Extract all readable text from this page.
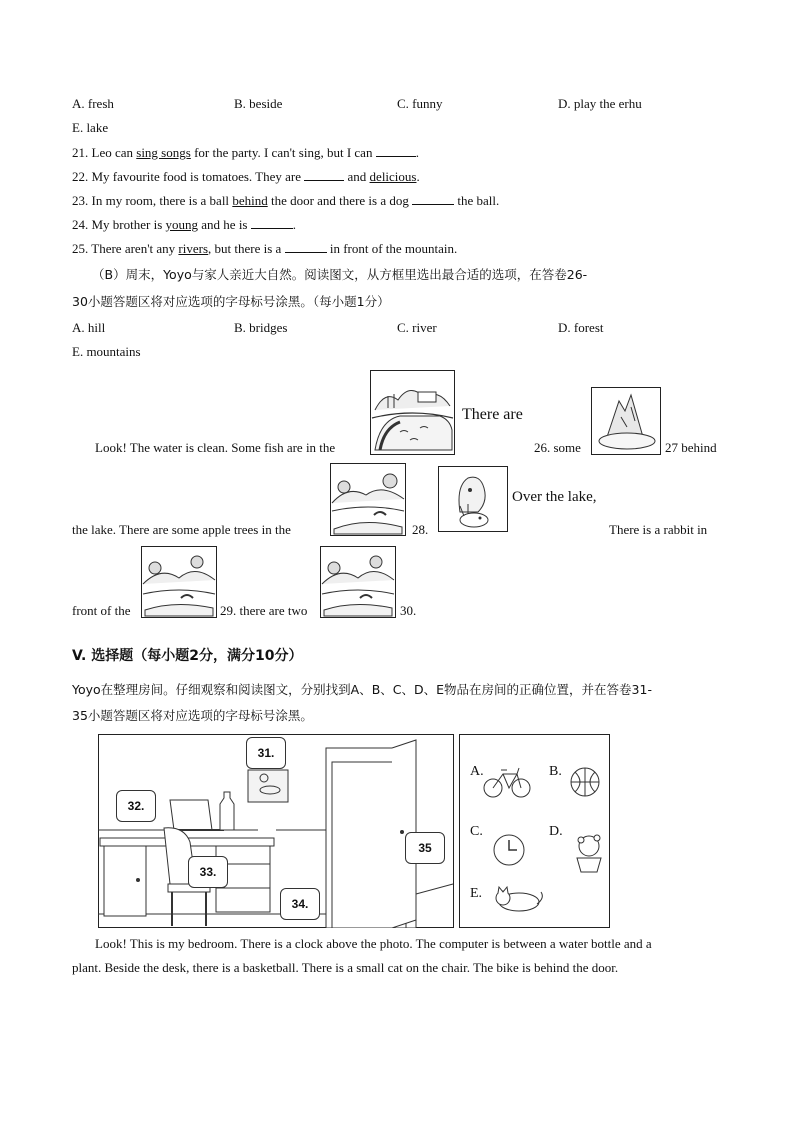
A. fresh	B. beside	C. funny	D. play the erhu
E. lake
21. Leo can sing songs for the party. I can't sing, but I can	.
22. My favourite food is tomatoes. They are	and delicious.
23. In my room, there is a ball behind the door and there is a dog	the ball.
24. My brother is young and he is	.
25. There aren't any rivers, but there is a	in front of the mountain.
（B）周末，Yoyo与家人亲近大自然。阅读图文，从方框里选出最合适的选项，在答卷26-
30小题答题区将对应选项的字母标号涂黑。（每小题1分）
A. hill	B. bridges	C. river	D. forest
E. mountains
There are
Look! The water is clean. Some fish are in the	26. some	27 behind
Over the lake,
the lake. There are some apple trees in the	28.	There is a rabbit in
front of the	29. there are two	30.
V. 选择题（每小题2分，满分10分）
Yoyo在整理房间。仔细观察和阅读图文，分别找到A、B、C、D、E物品在房间的正确位置，并在答卷31-
35小题答题区将对应选项的字母标号涂黑。
31.
32.
33.
34.
35
A.	B.
C.	D.
E.
Look! This is my bedroom. There is a clock above the photo. The computer is between a water bottle and a
plant. Beside the desk, there is a basketball. There is a small cat on the chair. The bike is behind the door.
